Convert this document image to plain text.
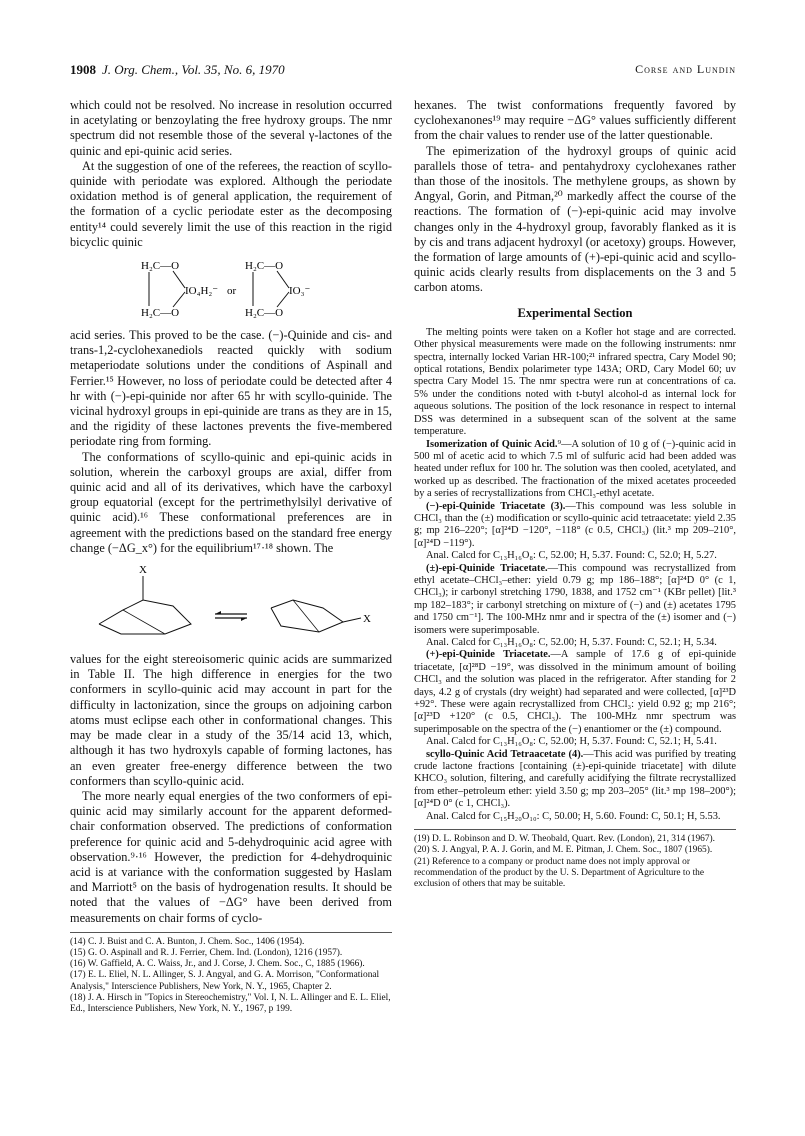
1908 J. Org. Chem., Vol. 35, No. 6, 1970	Corse and Lundin

which could not be resolved. No increase in resolution occurred in acetylating or benzoylating the free hydroxy groups. The nmr spectrum did not resemble those of the several γ-lactones of the quinic and epi-quinic acid series.

At the suggestion of one of the referees, the reaction of scyllo-quinide with periodate was explored. Although the periodate oxidation method is of general application, the requirement of the formation of a cyclic periodate ester as the decomposing entity¹⁴ could severely limit the use of this reaction in the rigid bicyclic quinic

H₂C—O
H₂C—O
IO₄H₂⁻ or
H₂C—O
H₂C—O
IO₃⁻

acid series. This proved to be the case. (−)-Quinide and cis- and trans-1,2-cyclohexanediols reacted quickly with sodium metaperiodate solutions under the conditions of Aspinall and Ferrier.¹⁵ However, no loss of periodate could be detected after 4 hr with (−)-epi-quinide nor after 65 hr with scyllo-quinide. The vicinal hydroxyl groups in epi-quinide are trans as they are in 15, and the rigidity of these lactones prevents the five-membered periodate ring from forming.

The conformations of scyllo-quinic and epi-quinic acids in solution, wherein the carboxyl groups are axial, differ from quinic acid and all of its derivatives, which have the carboxyl group equatorial (except for the pertrimethylsilyl derivative of quinic acid).¹⁶ These conformational preferences are in agreement with the predictions based on the standard free energy change (−ΔG_x°) for the equilibrium¹⁷·¹⁸ shown. The

X
X

values for the eight stereoisomeric quinic acids are summarized in Table II. The high difference in energies for the two conformers in scyllo-quinic acid may account in part for the difficulty in lactonization, since the groups on adjoining carbon atoms must eclipse each other in conformational changes. This may be made clear in a study of the 35/14 acid 13, which, although it has two hydroxyls capable of forming lactones, has an even greater free-energy difference between the two conformers than scyllo-quinic acid.

The more nearly equal energies of the two conformers of epi-quinic acid may similarly account for the apparent deformed-chair conformation observed. The predictions of conformation preference for quinic acid and 5-dehydroquinic acid agree with observation.⁹·¹⁶ However, the prediction for 4-dehydroquinic acid is at variance with the conformation suggested by Haslam and Marriott⁵ on the basis of hydrogenation results. It should be noted that the values of −ΔG° have been derived from measurements on chair forms of cyclo-

(14) C. J. Buist and C. A. Bunton, J. Chem. Soc., 1406 (1954).

(15) G. O. Aspinall and R. J. Ferrier, Chem. Ind. (London), 1216 (1957).

(16) W. Gaffield, A. C. Waiss, Jr., and J. Corse, J. Chem. Soc., C, 1885 (1966).

(17) E. L. Eliel, N. L. Allinger, S. J. Angyal, and G. A. Morrison, "Conformational Analysis," Interscience Publishers, New York, N. Y., 1965, Chapter 2.

(18) J. A. Hirsch in "Topics in Stereochemistry," Vol. I, N. L. Allinger and E. L. Eliel, Ed., Interscience Publishers, New York, N. Y., 1967, p 199.

hexanes. The twist conformations frequently favored by cyclohexanones¹⁹ may require −ΔG° values sufficiently different from the chair values to render use of the latter questionable.

The epimerization of the hydroxyl groups of quinic acid parallels those of tetra- and pentahydroxy cyclohexanes rather than those of the inositols. The methylene groups, as shown by Angyal, Gorin, and Pitman,²⁰ markedly affect the course of the reactions. The formation of (−)-epi-quinic acid may involve changes only in the 4-hydroxyl group, favorably flanked as it is by cis and trans adjacent hydroxyl (or acetoxy) groups. However, the formation of large amounts of (+)-epi-quinic acid and scyllo-quinic acids clearly results from displacements on the 3 and 5 carbon atoms.

Experimental Section

The melting points were taken on a Kofler hot stage and are corrected. Other physical measurements were made on the following instruments: nmr spectra, internally locked Varian HR-100;²¹ infrared spectra, Cary Model 90; optical rotations, Bendix polarimeter type 143A; ORD, Cary Model 60; uv spectra Cary Model 15. The nmr spectra were run at concentrations of ca. 5% under the conditions noted with t-butyl alcohol-d as internal lock for aqueous solutions. The position of the lock resonance in respect to internal DSS was determined in a subsequent scan of the solvent at the same temperature.

Isomerization of Quinic Acid.⁹—A solution of 10 g of (−)-quinic acid in 500 ml of acetic acid to which 7.5 ml of sulfuric acid had been added was heated under reflux for 100 hr. The solution was then cooled, acetylated, and worked up as described. The fractionation of the mixed acetates proceeded by a series of recrystallizations from CHCl₃-ethyl acetate.

(−)-epi-Quinide Triacetate (3).—This compound was less soluble in CHCl₃ than the (±) modification or scyllo-quinic acid tetraacetate: yield 2.35 g; mp 216–220°; [α]²⁴D −120°, −118° (c 0.5, CHCl₃) (lit.³ mp 209–210°, [α]²⁴D −119°).

Anal. Calcd for C₁₃H₁₆O₈: C, 52.00; H, 5.37. Found: C, 52.0; H, 5.27.

(±)-epi-Quinide Triacetate.—This compound was recrystallized from ethyl acetate–CHCl₃–ether: yield 0.79 g; mp 186–188°; [α]²⁴D 0° (c 1, CHCl₃); ir carbonyl stretching 1790, 1838, and 1752 cm⁻¹ (KBr pellet) [lit.³ mp 182–183°; ir carbonyl stretching on mixture of (−) and (±) acetates 1795 and 1750 cm⁻¹]. The 100-MHz nmr and ir spectra of the (±) isomer and (−) isomers were superimposable.

Anal. Calcd for C₁₃H₁₆O₈: C, 52.00; H, 5.37. Found: C, 52.1; H, 5.34.

(+)-epi-Quinide Triacetate.—A sample of 17.6 g of epi-quinide triacetate, [α]²⁸D −19°, was dissolved in the minimum amount of boiling CHCl₃ and the solution was placed in the refrigerator. After standing for 2 days, 4.2 g of crystals (dry weight) had separated and were collected, [α]²³D +92°. These were again recrystallized from CHCl₃: yield 0.92 g; mp 216°; [α]²³D +120° (c 0.5, CHCl₃). The 100-MHz nmr spectrum was superimposable on the spectra of the (−) enantiomer or the (±) compound.

Anal. Calcd for C₁₃H₁₆O₈: C, 52.00; H, 5.37. Found: C, 52.1; H, 5.41.

scyllo-Quinic Acid Tetraacetate (4).—This acid was purified by treating crude lactone fractions [containing (±)-epi-quinide triacetate] with dilute KHCO₃ solution, filtering, and carefully acidifying the filtrate recrystallized from ether–petroleum ether: yield 3.50 g; mp 203–205° (lit.³ mp 198–200°); [α]²⁴D 0° (c 1, CHCl₃).

Anal. Calcd for C₁₅H₂₀O₁₀: C, 50.00; H, 5.60. Found: C, 50.1; H, 5.53.

(19) D. L. Robinson and D. W. Theobald, Quart. Rev. (London), 21, 314 (1967).

(20) S. J. Angyal, P. A. J. Gorin, and M. E. Pitman, J. Chem. Soc., 1807 (1965).

(21) Reference to a company or product name does not imply approval or recommendation of the product by the U. S. Department of Agriculture to the exclusion of others that may be suitable.
